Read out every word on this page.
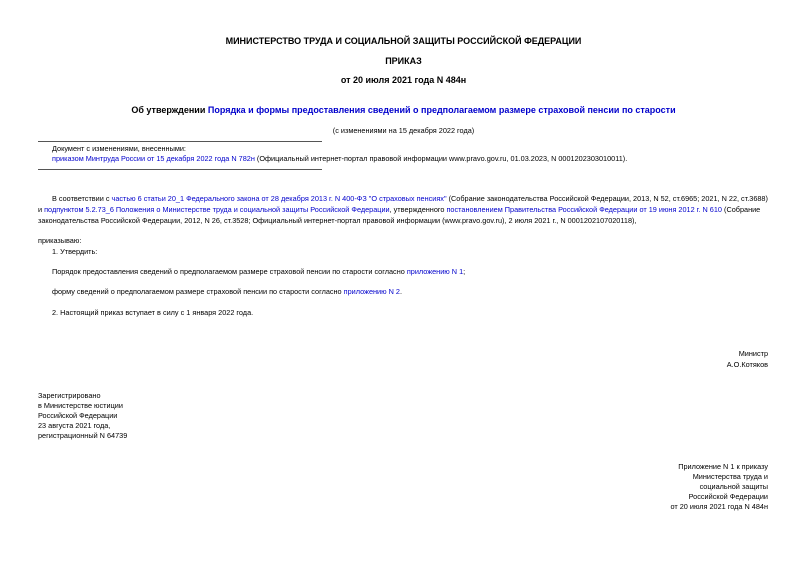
МИНИСТЕРСТВО ТРУДА И СОЦИАЛЬНОЙ ЗАЩИТЫ РОССИЙСКОЙ ФЕДЕРАЦИИ
ПРИКАЗ
от 20 июля 2021 года N 484н
Об утверждении Порядка и формы предоставления сведений о предполагаемом размере страховой пенсии по старости
(с изменениями на 15 декабря 2022 года)
Документ с изменениями, внесенными:
приказом Минтруда России от 15 декабря 2022 года N 782н (Официальный интернет-портал правовой информации www.pravo.gov.ru, 01.03.2023, N 0001202303010011).
В соответствии с частью 6 статьи 20_1 Федерального закона от 28 декабря 2013 г. N 400-ФЗ "О страховых пенсиях" (Собрание законодательства Российской Федерации, 2013, N 52, ст.6965; 2021, N 22, ст.3688)
и подпунктом 5.2.73_6 Положения о Министерстве труда и социальной защиты Российской Федерации, утвержденного постановлением Правительства Российской Федерации от 19 июня 2012 г. N 610 (Собрание
законодательства Российской Федерации, 2012, N 26, ст.3528; Официальный интернет-портал правовой информации (www.pravo.gov.ru), 2 июля 2021 г., N 0001202107020118),
приказываю:
1. Утвердить:
Порядок предоставления сведений о предполагаемом размере страховой пенсии по старости согласно приложению N 1;
форму сведений о предполагаемом размере страховой пенсии по старости согласно приложению N 2.
2. Настоящий приказ вступает в силу с 1 января 2022 года.
Министр
А.О.Котяков
Зарегистрировано
в Министерстве юстиции
Российской Федерации
23 августа 2021 года,
регистрационный N 64739
Приложение N 1 к приказу
Министерства труда и
социальной защиты
Российской Федерации
от 20 июля 2021 года N 484н
